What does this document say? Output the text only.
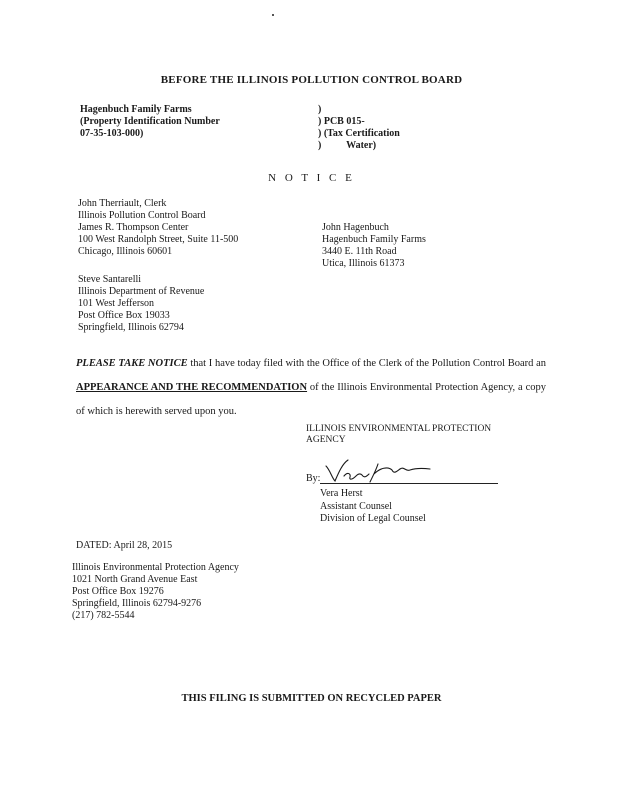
BEFORE THE ILLINOIS POLLUTION CONTROL BOARD
Hagenbuch Family Farms
(Property Identification Number
07-35-103-000)
)
) PCB 015-
) (Tax Certification
)          Water)
N O T I C E
John Therriault, Clerk
Illinois Pollution Control Board
James R. Thompson Center
100 West Randolph Street, Suite 11-500
Chicago, Illinois 60601
John Hagenbuch
Hagenbuch Family Farms
3440 E. 11th Road
Utica, Illinois 61373
Steve Santarelli
Illinois Department of Revenue
101 West Jefferson
Post Office Box 19033
Springfield, Illinois 62794
PLEASE TAKE NOTICE that I have today filed with the Office of the Clerk of the Pollution Control Board an APPEARANCE AND THE RECOMMENDATION of the Illinois Environmental Protection Agency, a copy of which is herewith served upon you.
ILLINOIS ENVIRONMENTAL PROTECTION
AGENCY
By:
Vera Herst
Assistant Counsel
Division of Legal Counsel
DATED: April 28, 2015
Illinois Environmental Protection Agency
1021 North Grand Avenue East
Post Office Box 19276
Springfield, Illinois 62794-9276
(217) 782-5544
THIS FILING IS SUBMITTED ON RECYCLED PAPER
